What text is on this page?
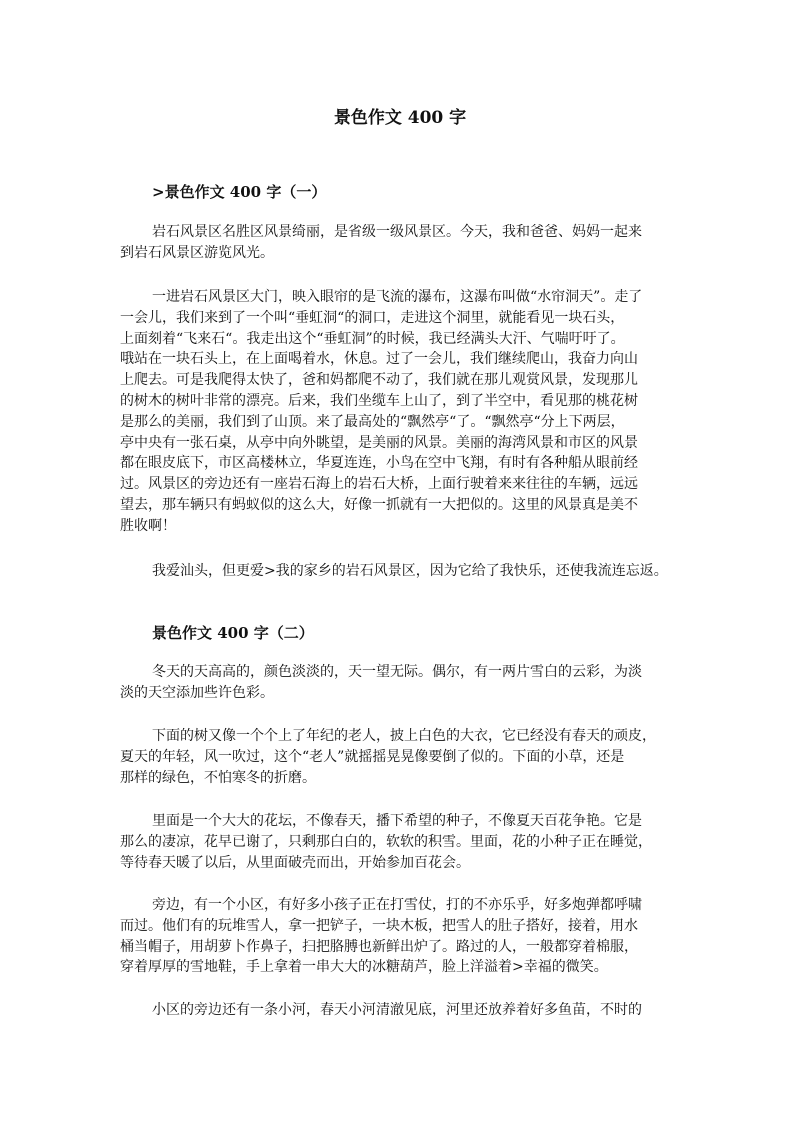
景色作文 400 字
>景色作文 400 字（一）
岩石风景区名胜区风景绮丽，是省级一级风景区。今天，我和爸爸、妈妈一起来
到岩石风景区游览风光。
一进岩石风景区大门，映入眼帘的是飞流的瀑布，这瀑布叫做“水帘洞天”。走了
一会儿，我们来到了一个叫“垂虹洞“的洞口，走进这个洞里，就能看见一块石头，
上面刻着“飞来石“。我走出这个“垂虹洞”的时候，我已经满头大汗、气喘吁吁了。
哦站在一块石头上，在上面喝着水，休息。过了一会儿，我们继续爬山，我奋力向山
上爬去。可是我爬得太快了，爸和妈都爬不动了，我们就在那儿观赏风景，发现那儿
的树木的树叶非常的漂亮。后来，我们坐缆车上山了，到了半空中，看见那的桃花树
是那么的美丽，我们到了山顶。来了最高处的“飘然亭“了。“飘然亭“分上下两层，
亭中央有一张石桌，从亭中向外眺望，是美丽的风景。美丽的海湾风景和市区的风景
都在眼皮底下，市区高楼林立，华夏连连，小鸟在空中飞翔，有时有各种船从眼前经
过。风景区的旁边还有一座岩石海上的岩石大桥，上面行驶着来来往往的车辆，远远
望去，那车辆只有蚂蚁似的这么大，好像一抓就有一大把似的。这里的风景真是美不
胜收啊！
我爱汕头，但更爱>我的家乡的岩石风景区，因为它给了我快乐，还使我流连忘返。
景色作文 400 字（二）
冬天的天高高的，颜色淡淡的，天一望无际。偶尔，有一两片雪白的云彩，为淡
淡的天空添加些许色彩。
下面的树又像一个个上了年纪的老人，披上白色的大衣，它已经没有春天的顽皮，
夏天的年轻，风一吹过，这个“老人”就摇摇晃晃像要倒了似的。下面的小草，还是
那样的绿色，不怕寒冬的折磨。
里面是一个大大的花坛，不像春天，播下希望的种子，不像夏天百花争艳。它是
那么的凄凉，花早已谢了，只剩那白白的，软软的积雪。里面，花的小种子正在睡觉，
等待春天暖了以后，从里面破壳而出，开始参加百花会。
旁边，有一个小区，有好多小孩子正在打雪仗，打的不亦乐乎，好多炮弹都呼啸
而过。他们有的玩堆雪人，拿一把铲子，一块木板，把雪人的肚子搭好，接着，用水
桶当帽子，用胡萝卜作鼻子，扫把胳膊也新鲜出炉了。路过的人，一般都穿着棉服，
穿着厚厚的雪地鞋，手上拿着一串大大的冰糖葫芦，脸上洋溢着>幸福的微笑。
小区的旁边还有一条小河，春天小河清澈见底，河里还放养着好多鱼苗，不时的
